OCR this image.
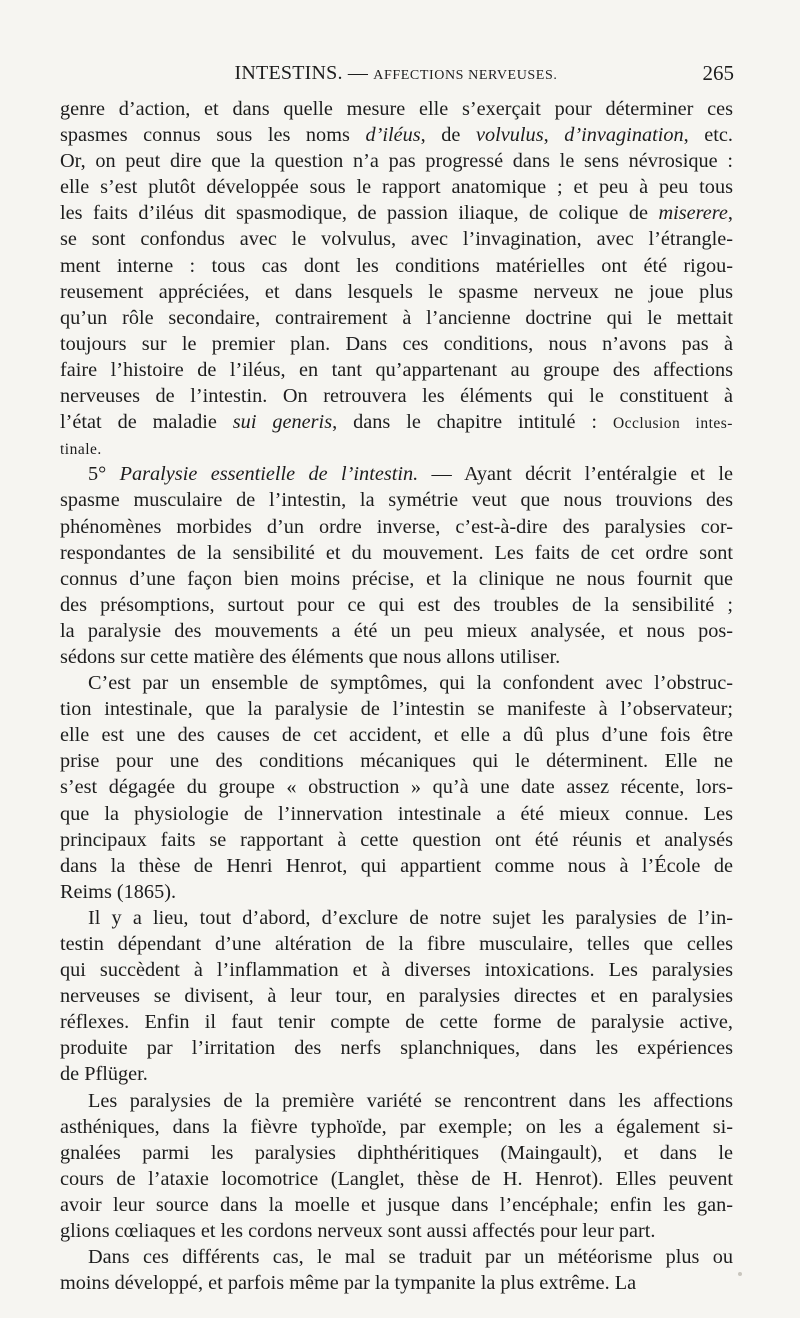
INTESTINS. — AFFECTIONS NERVEUSES.	265
genre d’action, et dans quelle mesure elle s’exerçait pour déterminer ces
spasmes connus sous les noms d’iléus, de volvulus, d’invagination, etc.
Or, on peut dire que la question n’a pas progressé dans le sens névrosique :
elle s’est plutôt développée sous le rapport anatomique ; et peu à peu tous
les faits d’iléus dit spasmodique, de passion iliaque, de colique de miserere,
se sont confondus avec le volvulus, avec l’invagination, avec l’étrangle-
ment interne : tous cas dont les conditions matérielles ont été rigou-
reusement appréciées, et dans lesquels le spasme nerveux ne joue plus
qu’un rôle secondaire, contrairement à l’ancienne doctrine qui le mettait
toujours sur le premier plan. Dans ces conditions, nous n’avons pas à
faire l’histoire de l’iléus, en tant qu’appartenant au groupe des affections
nerveuses de l’intestin. On retrouvera les éléments qui le constituent à
l’état de maladie sui generis, dans le chapitre intitulé : Occlusion intes-
tinale.
5° Paralysie essentielle de l’intestin. — Ayant décrit l’entéralgie et le
spasme musculaire de l’intestin, la symétrie veut que nous trouvions des
phénomènes morbides d’un ordre inverse, c’est-à-dire des paralysies cor-
respondantes de la sensibilité et du mouvement. Les faits de cet ordre sont
connus d’une façon bien moins précise, et la clinique ne nous fournit que
des présomptions, surtout pour ce qui est des troubles de la sensibilité ;
la paralysie des mouvements a été un peu mieux analysée, et nous pos-
sédons sur cette matière des éléments que nous allons utiliser.
C’est par un ensemble de symptômes, qui la confondent avec l’obstruc-
tion intestinale, que la paralysie de l’intestin se manifeste à l’observateur;
elle est une des causes de cet accident, et elle a dû plus d’une fois être
prise pour une des conditions mécaniques qui le déterminent. Elle ne
s’est dégagée du groupe « obstruction » qu’à une date assez récente, lors-
que la physiologie de l’innervation intestinale a été mieux connue. Les
principaux faits se rapportant à cette question ont été réunis et analysés
dans la thèse de Henri Henrot, qui appartient comme nous à l’École de
Reims (1865).
Il y a lieu, tout d’abord, d’exclure de notre sujet les paralysies de l’in-
testin dépendant d’une altération de la fibre musculaire, telles que celles
qui succèdent à l’inflammation et à diverses intoxications. Les paralysies
nerveuses se divisent, à leur tour, en paralysies directes et en paralysies
réflexes. Enfin il faut tenir compte de cette forme de paralysie active,
produite par l’irritation des nerfs splanchniques, dans les expériences
de Pflüger.
Les paralysies de la première variété se rencontrent dans les affections
asthéniques, dans la fièvre typhoïde, par exemple; on les a également si-
gnalées parmi les paralysies diphthéritiques (Maingault), et dans le
cours de l’ataxie locomotrice (Langlet, thèse de H. Henrot). Elles peuvent
avoir leur source dans la moelle et jusque dans l’encéphale; enfin les gan-
glions cœliaques et les cordons nerveux sont aussi affectés pour leur part.
Dans ces différents cas, le mal se traduit par un météorisme plus ou
moins développé, et parfois même par la tympanite la plus extrême. La
